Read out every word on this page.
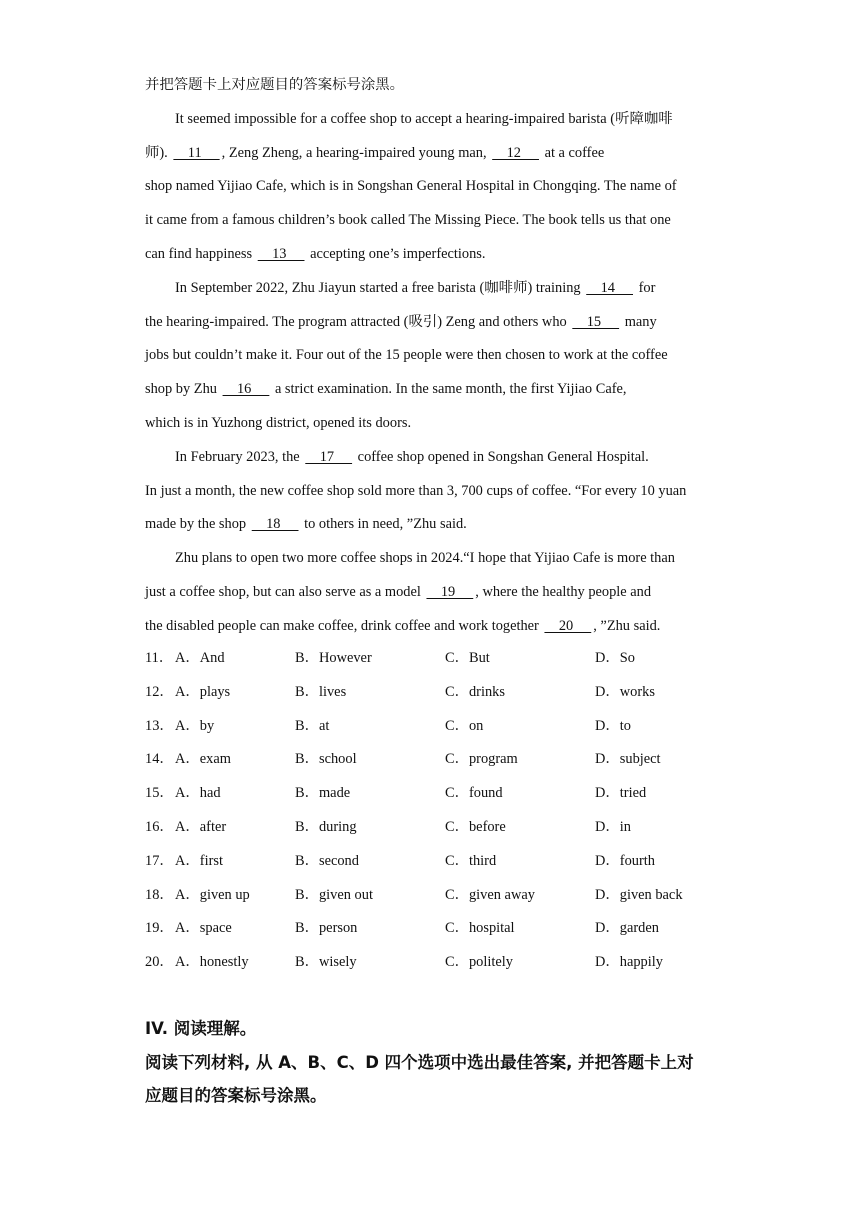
并把答题卡上对应题目的答案标号涂黑。
It seemed impossible for a coffee shop to accept a hearing-impaired barista (听障咖啡
师).     11     , Zeng Zheng, a hearing-impaired young man,     12      at a coffee
shop named Yijiao Cafe, which is in Songshan General Hospital in Chongqing. The name of
it came from a famous children’s book called The Missing Piece. The book tells us that one
can find happiness     13      accepting one’s imperfections.
In September 2022, Zhu Jiayun started a free barista (咖啡师) training     14      for
the hearing-impaired. The program attracted (吸引) Zeng and others who     15      many
jobs but couldn’t make it. Four out of the 15 people were then chosen to work at the coffee
shop by Zhu     16      a strict examination. In the same month, the first Yijiao Cafe,
which is in Yuzhong district, opened its doors.
In February 2023, the     17      coffee shop opened in Songshan General Hospital.
In just a month, the new coffee shop sold more than 3, 700 cups of coffee. “For every 10 yuan
made by the shop     18      to others in need, ”Zhu said.
Zhu plans to open two more coffee shops in 2024.“I hope that Yijiao Cafe is more than
just a coffee shop, but can also serve as a model     19     , where the healthy people and
the disabled people can make coffee, drink coffee and work together     20     , ”Zhu said.
11． A．And	B．However	C．But	D．So
12． A．plays	B．lives	C．drinks	D．works
13． A．by	B．at	C．on	D．to
14． A．exam	B．school	C．program	D．subject
15． A．had	B．made	C．found	D．tried
16． A．after	B．during	C．before	D．in
17． A．first	B．second	C．third	D．fourth
18． A．given up	B．given out	C．given away	D．given back
19． A．space	B．person	C．hospital	D．garden
20． A．honestly	B．wisely	C．politely	D．happily
IV. 阅读理解。
阅读下列材料, 从 A、B、C、D 四个选项中选出最佳答案, 并把答题卡上对
应题目的答案标号涂黑。
